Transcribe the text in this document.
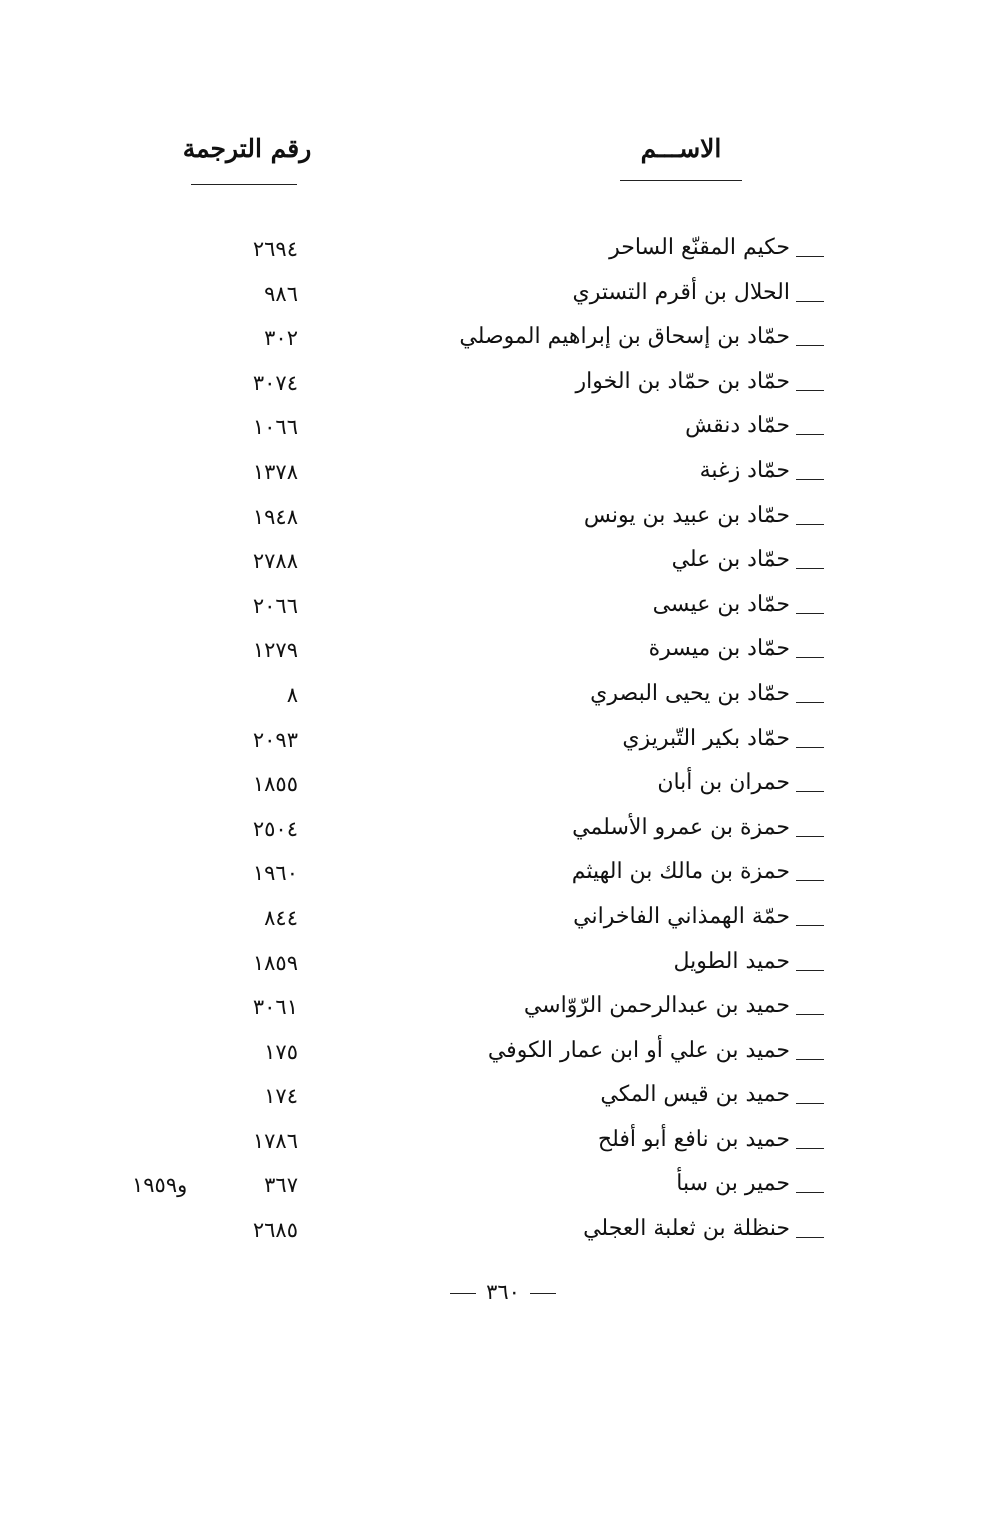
الاســـم
رقم الترجمة
حكيم المقنّع الساحر
٢٦٩٤
الحلال بن أقرم التستري
٩٨٦
حمّاد بن إسحاق بن إبراهيم الموصلي
٣٠٢
حمّاد بن حمّاد بن الخوار
٣٠٧٤
حمّاد دنقش
١٠٦٦
حمّاد زغبة
١٣٧٨
حمّاد بن عبيد بن يونس
١٩٤٨
حمّاد بن علي
٢٧٨٨
حمّاد بن عيسى
٢٠٦٦
حمّاد بن ميسرة
١٢٧٩
حمّاد بن يحيى البصري
٨
حمّاد بكير التّبريزي
٢٠٩٣
حمران بن أبان
١٨٥٥
حمزة بن عمرو الأسلمي
٢٥٠٤
حمزة بن مالك بن الهيثم
١٩٦٠
حمّة الهمذاني الفاخراني
٨٤٤
حميد الطويل
١٨٥٩
حميد بن عبدالرحمن الرّوّاسي
٣٠٦١
حميد بن علي أو ابن عمار الكوفي
١٧٥
حميد بن قيس المكي
١٧٤
حميد بن نافع أبو أفلح
١٧٨٦
حمير بن سبأ
٣٦٧
و١٩٥٩
حنظلة بن ثعلبة العجلي
٢٦٨٥
٣٦٠
